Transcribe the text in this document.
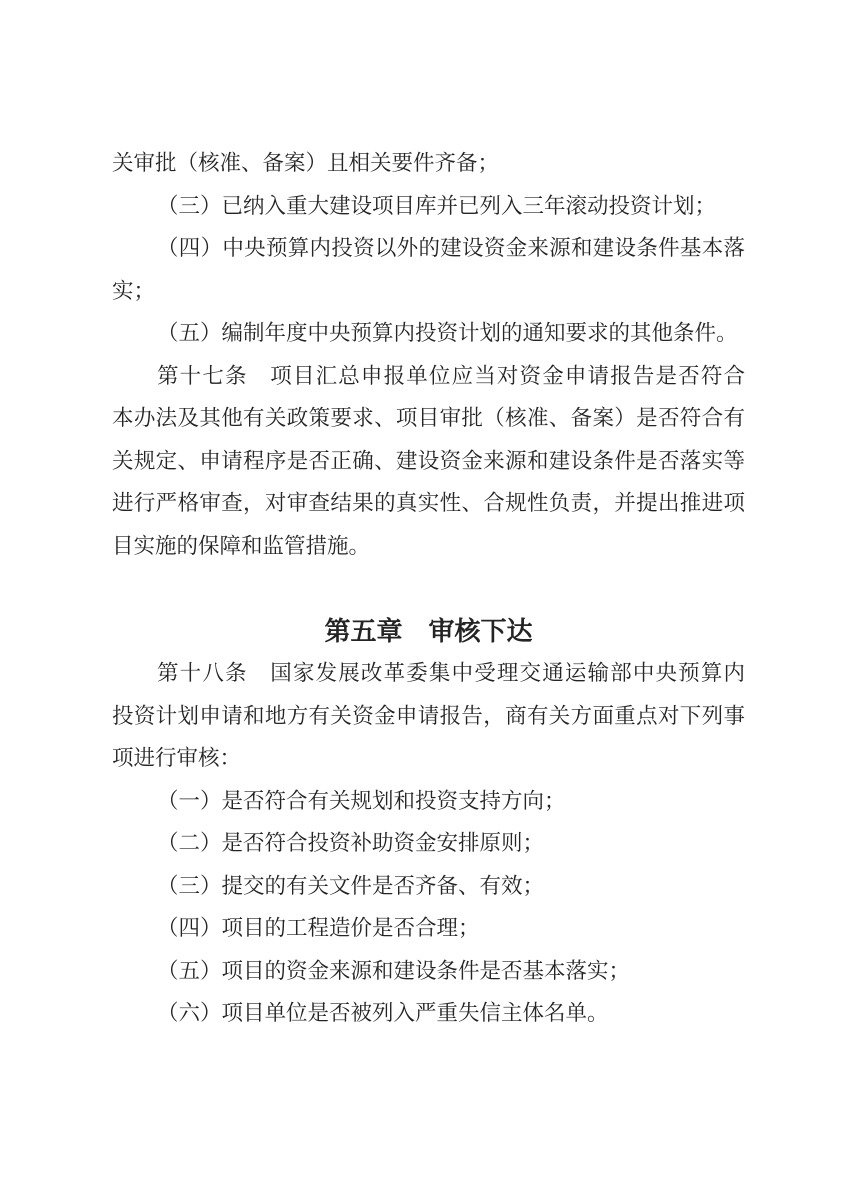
关审批（核准、备案）且相关要件齐备；
（三）已纳入重大建设项目库并已列入三年滚动投资计划；
（四）中央预算内投资以外的建设资金来源和建设条件基本落
实；
（五）编制年度中央预算内投资计划的通知要求的其他条件。
第十七条　项目汇总申报单位应当对资金申请报告是否符合
本办法及其他有关政策要求、项目审批（核准、备案）是否符合有
关规定、申请程序是否正确、建设资金来源和建设条件是否落实等
进行严格审查，对审查结果的真实性、合规性负责，并提出推进项
目实施的保障和监管措施。
第五章　审核下达
第十八条　国家发展改革委集中受理交通运输部中央预算内
投资计划申请和地方有关资金申请报告，商有关方面重点对下列事
项进行审核：
（一）是否符合有关规划和投资支持方向；
（二）是否符合投资补助资金安排原则；
（三）提交的有关文件是否齐备、有效；
（四）项目的工程造价是否合理；
（五）项目的资金来源和建设条件是否基本落实；
（六）项目单位是否被列入严重失信主体名单。
